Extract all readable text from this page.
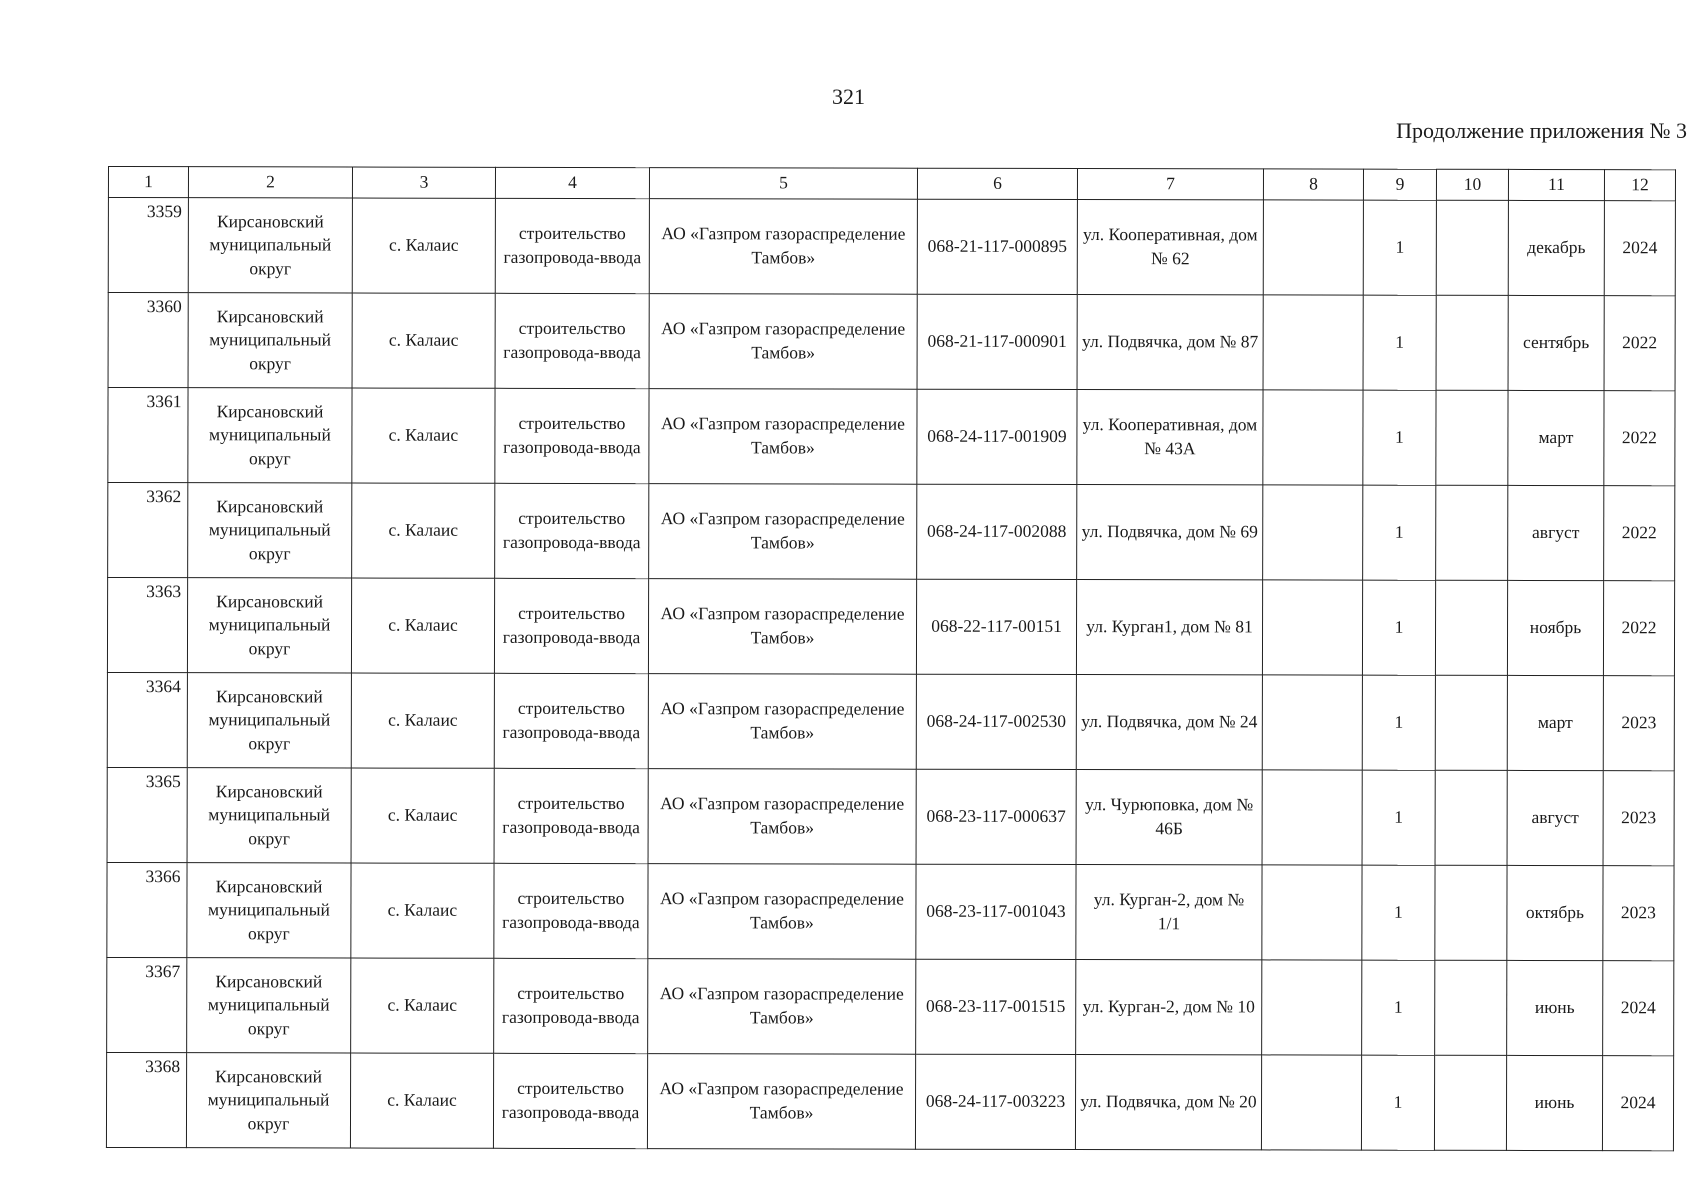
321
Продолжение приложения № 3
1	2	3	4	5	6	7	8	9	10	11	12
3359	Кирсановский муниципальный округ	с. Калаис	строительство газопровода-ввода	АО «Газпром газораспределение Тамбов»	068-21-117-000895	ул. Кооперативная, дом № 62		1		декабрь	2024
3360	Кирсановский муниципальный округ	с. Калаис	строительство газопровода-ввода	АО «Газпром газораспределение Тамбов»	068-21-117-000901	ул. Подвячка, дом № 87		1		сентябрь	2022
3361	Кирсановский муниципальный округ	с. Калаис	строительство газопровода-ввода	АО «Газпром газораспределение Тамбов»	068-24-117-001909	ул. Кооперативная, дом № 43А		1		март	2022
3362	Кирсановский муниципальный округ	с. Калаис	строительство газопровода-ввода	АО «Газпром газораспределение Тамбов»	068-24-117-002088	ул. Подвячка, дом № 69		1		август	2022
3363	Кирсановский муниципальный округ	с. Калаис	строительство газопровода-ввода	АО «Газпром газораспределение Тамбов»	068-22-117-00151	ул. Курган1, дом № 81		1		ноябрь	2022
3364	Кирсановский муниципальный округ	с. Калаис	строительство газопровода-ввода	АО «Газпром газораспределение Тамбов»	068-24-117-002530	ул. Подвячка, дом № 24		1		март	2023
3365	Кирсановский муниципальный округ	с. Калаис	строительство газопровода-ввода	АО «Газпром газораспределение Тамбов»	068-23-117-000637	ул. Чурюповка, дом № 46Б		1		август	2023
3366	Кирсановский муниципальный округ	с. Калаис	строительство газопровода-ввода	АО «Газпром газораспределение Тамбов»	068-23-117-001043	ул. Курган-2, дом № 1/1		1		октябрь	2023
3367	Кирсановский муниципальный округ	с. Калаис	строительство газопровода-ввода	АО «Газпром газораспределение Тамбов»	068-23-117-001515	ул. Курган-2, дом № 10		1		июнь	2024
3368	Кирсановский муниципальный округ	с. Калаис	строительство газопровода-ввода	АО «Газпром газораспределение Тамбов»	068-24-117-003223	ул. Подвячка, дом № 20		1		июнь	2024
